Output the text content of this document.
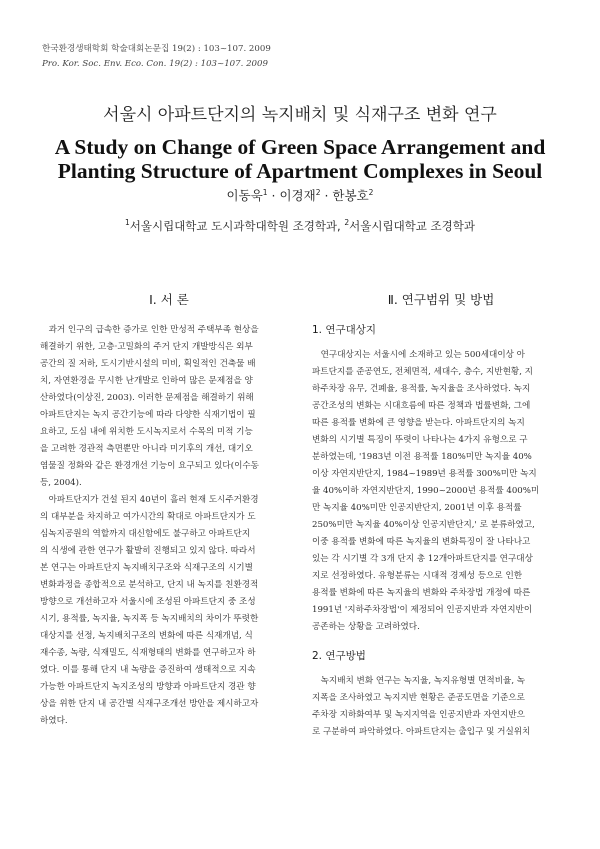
한국환경생태학회 학술대회논문집 19(2) : 103~107. 2009
Pro. Kor. Soc. Env. Eco. Con. 19(2) : 103~107. 2009
서울시 아파트단지의 녹지배치 및 식재구조 변화 연구
A Study on Change of Green Space Arrangement and
Planting Structure of Apartment Complexes in Seoul
이동욱$^1$ · 이경재$^2$ · 한봉호$^2$
$^1$서울시립대학교 도시과학대학원 조경학과, $^2$서울시립대학교 조경학과
Ⅰ. 서 론

과거 인구의 급속한 증가로 인한 만성적 주택부족 현상을
해결하기 위한, 고층·고밀화의 주거 단지 개발방식은 외부
공간의 질 저하, 도시기반시설의 미비, 획일적인 건축물 배
치, 자연환경을 무시한 난개발로 인하여 많은 문제점을 양
산하였다(이상진, 2003). 이러한 문제점을 해결하기 위해
아파트단지는 녹지 공간기능에 따라 다양한 식재기법이 필
요하고, 도심 내에 위치한 도시녹지로서 수목의 미적 기능
을 고려한 경관적 측면뿐만 아니라 미기후의 개선, 대기오
염물질 정화와 같은 환경개선 기능이 요구되고 있다(이수동
등, 2004).

아파트단지가 건설 된지 40년이 흘러 현재 도시주거환경
의 대부분을 차지하고 여가시간의 확대로 아파트단지가 도
심녹지공원의 역할까지 대신함에도 불구하고 아파트단지
의 식생에 관한 연구가 활발히 진행되고 있지 않다. 따라서
본 연구는 아파트단지 녹지배치구조와 식재구조의 시기별
변화과정을 종합적으로 분석하고, 단지 내 녹지를 친환경적
방향으로 개선하고자 서울시에 조성된 아파트단지 중 조성
시기, 용적률, 녹지율, 녹지폭 등 녹지배치의 차이가 뚜렷한
대상지를 선정, 녹지배치구조의 변화에 따른 식재개념, 식
재수종, 녹량, 식재밀도, 식재형태의 변화를 연구하고자 하
였다. 이를 통해 단지 내 녹량을 증진하여 생태적으로 지속
가능한 아파트단지 녹지조성의 방향과 아파트단지 경관 향
상을 위한 단지 내 공간별 식재구조개선 방안을 제시하고자
하였다.

Ⅱ. 연구범위 및 방법
1. 연구대상지

연구대상지는 서울시에 소재하고 있는 500세대이상 아
파트단지를 준공연도, 전체면적, 세대수, 층수, 지반현황, 지
하주차장 유무, 건폐율, 용적률, 녹지율을 조사하였다. 녹지
공간조성의 변화는 시대흐름에 따른 정책과 법률변화, 그에
따른 용적률 변화에 큰 영향을 받는다. 아파트단지의 녹지
변화의 시기별 특징이 뚜렷이 나타나는 4가지 유형으로 구
분하였는데, '1983년 이전 용적률 180%미만 녹지율 40%
이상 자연지반단지, 1984~1989년 용적률 300%미만 녹지
율 40%이하 자연지반단지, 1990~2000년 용적률 400%미
만 녹지율 40%미만 인공지반단지, 2001년 이후 용적률
250%미만 녹지율 40%이상 인공지반단지,' 로 분류하였고,
이중 용적률 변화에 따른 녹지율의 변화특징이 잘 나타나고
있는 각 시기별 각 3개 단지 총 12개아파트단지를 연구대상
지로 선정하였다. 유형분류는 시대적 경제성 등으로 인한
용적률 변화에 따른 녹지율의 변화와 주차장법 개정에 따른
1991년 '지하주차장법'이 제정되어 인공지반과 자연지반이
공존하는 상황을 고려하였다.

2. 연구방법

녹지배치 변화 연구는 녹지율, 녹지유형별 면적비율, 녹
지폭을 조사하였고 녹지지반 현황은 준공도면을 기준으로
주차장 지하화여부 및 녹지지역을 인공지반과 자연지반으
로 구분하여 파악하였다. 아파트단지는 출입구 및 거실위치
